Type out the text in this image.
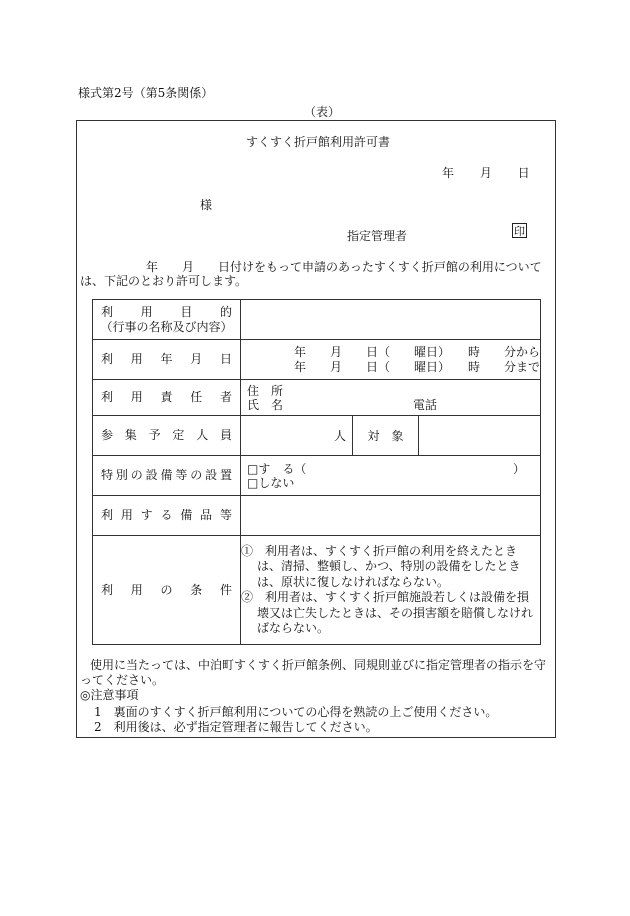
様式第2号（第5条関係）
（表）
すくすく折戸館利用許可書
年 月 日
様
指定管理者	印
年　　月　　日付けをもって申請のあったすくすく折戸館の利用について
は、下記のとおり許可します。
利用目的
（行事の名称及び内容）			

利用年月日	年　　月　　日（　　曜日）　　時　　分から
年　　月　　日（　　曜日）　　時　　分まで		

利用責任者	住　所
氏　名 電話		

参集予定人員	人	対　象	

特別の設備等の設置	□す　る（ ）
□しない		

利用する備品等			

利用の条件	①　利用者は、すくすく折戸館の利用を終えたときは、清掃、整頓し、かつ、特別の設備をしたときは、原状に復しなければならない。

②　利用者は、すくすく折戸館施設若しくは設備を損壊又は亡失したときは、その損害額を賠償しなければならない。		

使用に当たっては、中泊町すくすく折戸館条例、同規則並びに指定管理者の指示を守
ってください。
◎注意事項
1　裏面のすくすく折戸館利用についての心得を熟読の上ご使用ください。
2　利用後は、必ず指定管理者に報告してください。
